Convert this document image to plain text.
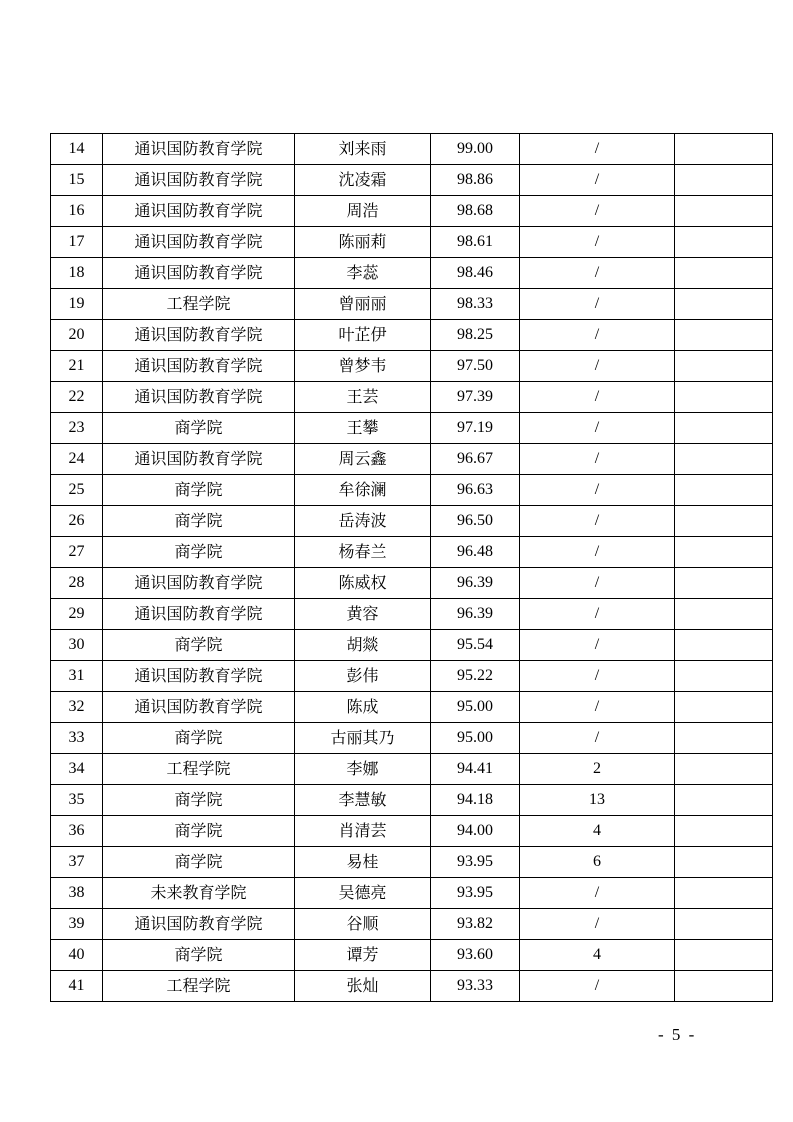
14	通识国防教育学院	刘来雨	99.00	/	
15	通识国防教育学院	沈凌霜	98.86	/	
16	通识国防教育学院	周浩	98.68	/	
17	通识国防教育学院	陈丽莉	98.61	/	
18	通识国防教育学院	李蕊	98.46	/	
19	工程学院	曾丽丽	98.33	/	
20	通识国防教育学院	叶芷伊	98.25	/	
21	通识国防教育学院	曾梦韦	97.50	/	
22	通识国防教育学院	王芸	97.39	/	
23	商学院	王攀	97.19	/	
24	通识国防教育学院	周云鑫	96.67	/	
25	商学院	牟徐澜	96.63	/	
26	商学院	岳涛波	96.50	/	
27	商学院	杨春兰	96.48	/	
28	通识国防教育学院	陈威权	96.39	/	
29	通识国防教育学院	黄容	96.39	/	
30	商学院	胡燚	95.54	/	
31	通识国防教育学院	彭伟	95.22	/	
32	通识国防教育学院	陈成	95.00	/	
33	商学院	古丽其乃	95.00	/	
34	工程学院	李娜	94.41	2	
35	商学院	李慧敏	94.18	13	
36	商学院	肖清芸	94.00	4	
37	商学院	易桂	93.95	6	
38	未来教育学院	吴德亮	93.95	/	
39	通识国防教育学院	谷顺	93.82	/	
40	商学院	谭芳	93.60	4	
41	工程学院	张灿	93.33	/	
- 5 -
